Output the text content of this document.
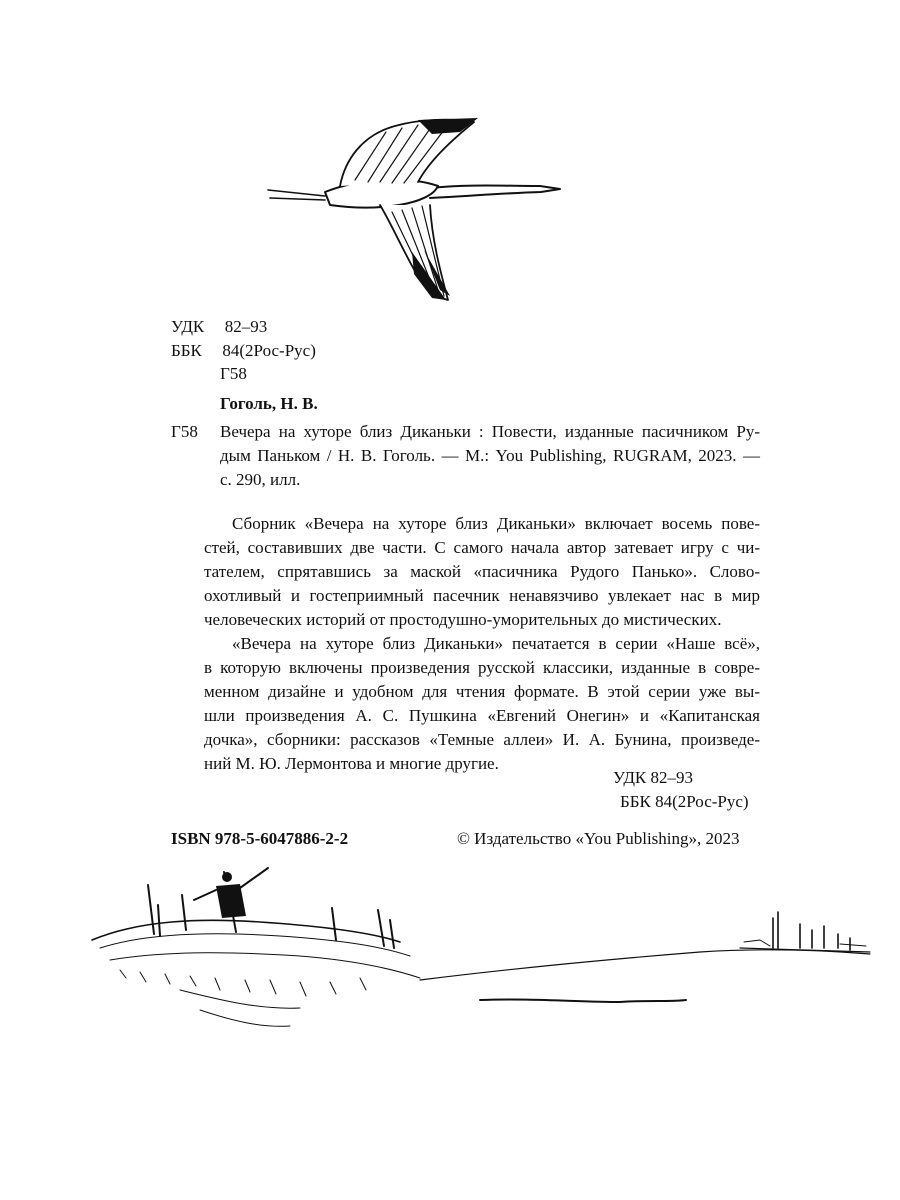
УДК 82–93
ББК 84(2Рос-Рус)
Г58
Гоголь, Н. В.
Г58 Вечера на хуторе близ Диканьки : Повести, изданные пасичником Ру-
дым Паньком / Н. В. Гоголь. — М.: You Publishing, RUGRAM, 2023. —
с. 290, илл.
Сборник «Вечера на хуторе близ Диканьки» включает восемь пове-
стей, составивших две части. С самого начала автор затевает игру с чи-
тателем, спрятавшись за маской «пасичника Рудого Панько». Слово-
охотливый и гостеприимный пасечник ненавязчиво увлекает нас в мир
человеческих историй от простодушно-уморительных до мистических.
«Вечера на хуторе близ Диканьки» печатается в серии «Наше всё»,
в которую включены произведения русской классики, изданные в совре-
менном дизайне и удобном для чтения формате. В этой серии уже вы-
шли произведения А. С. Пушкина «Евгений Онегин» и «Капитанская
дочка», сборники: рассказов «Темные аллеи» И. А. Бунина, произведе-
ний М. Ю. Лермонтова и многие другие.
УДК 82–93
ББК 84(2Рос-Рус)
ISBN 978-5-6047886-2-2	© Издательство «You Publishing», 2023
